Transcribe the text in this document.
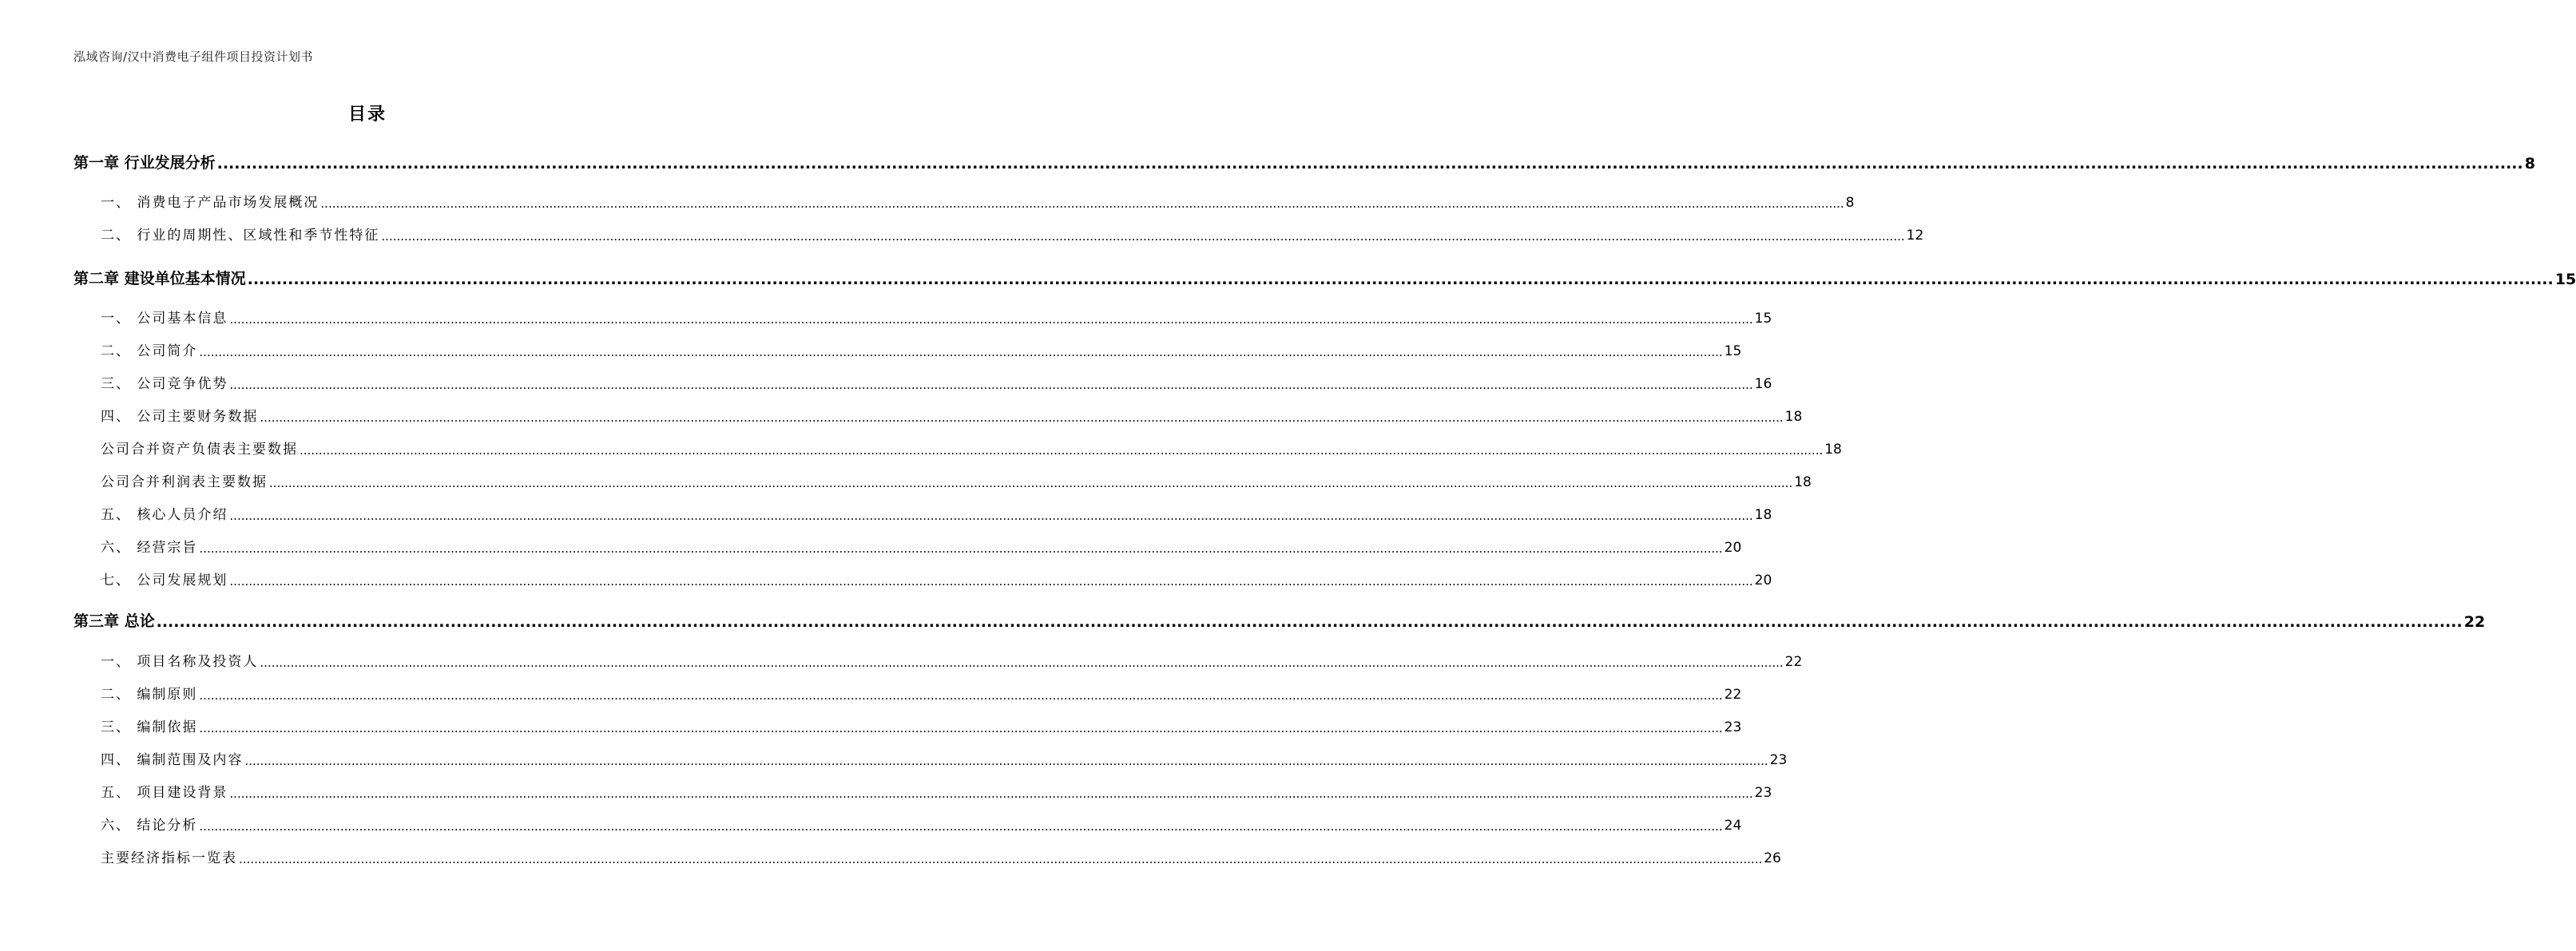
泓域咨询/汉中消费电子组件项目投资计划书
目录
第一章 行业发展分析 ................................................................................................................................................................................................................................................................................................................................................................................................................ 8
一、 消费电子产品市场发展概况 ................................................................................................................................................................................................................................................................................................................................................................................................................ 8
二、 行业的周期性、区域性和季节性特征 ................................................................................................................................................................................................................................................................................................................................................................................................................ 12
第二章 建设单位基本情况 ................................................................................................................................................................................................................................................................................................................................................................................................................ 15
一、 公司基本信息 ................................................................................................................................................................................................................................................................................................................................................................................................................ 15
二、 公司简介 ................................................................................................................................................................................................................................................................................................................................................................................................................ 15
三、 公司竞争优势 ................................................................................................................................................................................................................................................................................................................................................................................................................ 16
四、 公司主要财务数据 ................................................................................................................................................................................................................................................................................................................................................................................................................ 18
公司合并资产负债表主要数据 ................................................................................................................................................................................................................................................................................................................................................................................................................ 18
公司合并利润表主要数据 ................................................................................................................................................................................................................................................................................................................................................................................................................ 18
五、 核心人员介绍 ................................................................................................................................................................................................................................................................................................................................................................................................................ 18
六、 经营宗旨 ................................................................................................................................................................................................................................................................................................................................................................................................................ 20
七、 公司发展规划 ................................................................................................................................................................................................................................................................................................................................................................................................................ 20
第三章 总论 ................................................................................................................................................................................................................................................................................................................................................................................................................ 22
一、 项目名称及投资人 ................................................................................................................................................................................................................................................................................................................................................................................................................ 22
二、 编制原则 ................................................................................................................................................................................................................................................................................................................................................................................................................ 22
三、 编制依据 ................................................................................................................................................................................................................................................................................................................................................................................................................ 23
四、 编制范围及内容 ................................................................................................................................................................................................................................................................................................................................................................................................................ 23
五、 项目建设背景 ................................................................................................................................................................................................................................................................................................................................................................................................................ 23
六、 结论分析 ................................................................................................................................................................................................................................................................................................................................................................................................................ 24
主要经济指标一览表 ................................................................................................................................................................................................................................................................................................................................................................................................................ 26
